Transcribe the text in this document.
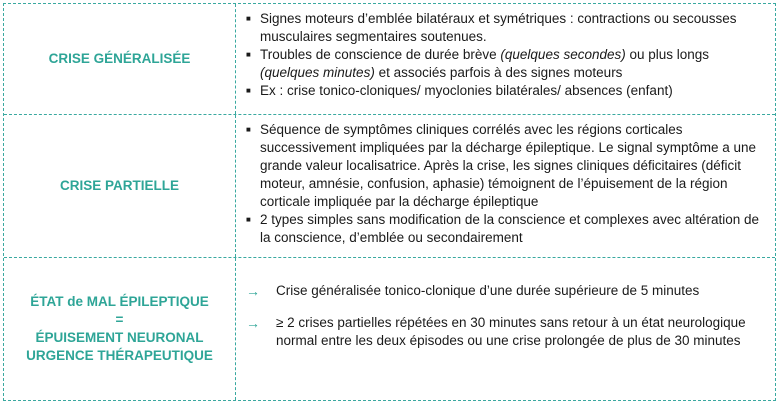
CRISE GÉNÉRALISÉE
■ Signes moteurs d’emblée bilatéraux et symétriques : contractions ou secousses musculaires segmentaires soutenues.
■ Troubles de conscience de durée brève (quelques secondes) ou plus longs
(quelques minutes) et associés parfois à des signes moteurs
■ Ex : crise tonico-cloniques/ myoclonies bilatérales/ absences (enfant)
CRISE PARTIELLE
■ Séquence de symptômes cliniques corrélés avec les régions corticales successivement impliquées par la décharge épileptique. Le signal symptôme a une grande valeur localisatrice. Après la crise, les signes cliniques déficitaires (déficit moteur, amnésie, confusion, aphasie) témoignent de l’épuisement de la région corticale impliquée par la décharge épileptique
■ 2 types simples sans modification de la conscience et complexes avec altération de la conscience, d’emblée ou secondairement
ÉTAT de MAL ÉPILEPTIQUE
=
ÉPUISEMENT NEURONAL
URGENCE THÉRAPEUTIQUE
→	Crise généralisée tonico-clonique d’une durée supérieure de 5 minutes
→	≥ 2 crises partielles répétées en 30 minutes sans retour à un état neurologique normal entre les deux épisodes ou une crise prolongée de plus de 30 minutes
